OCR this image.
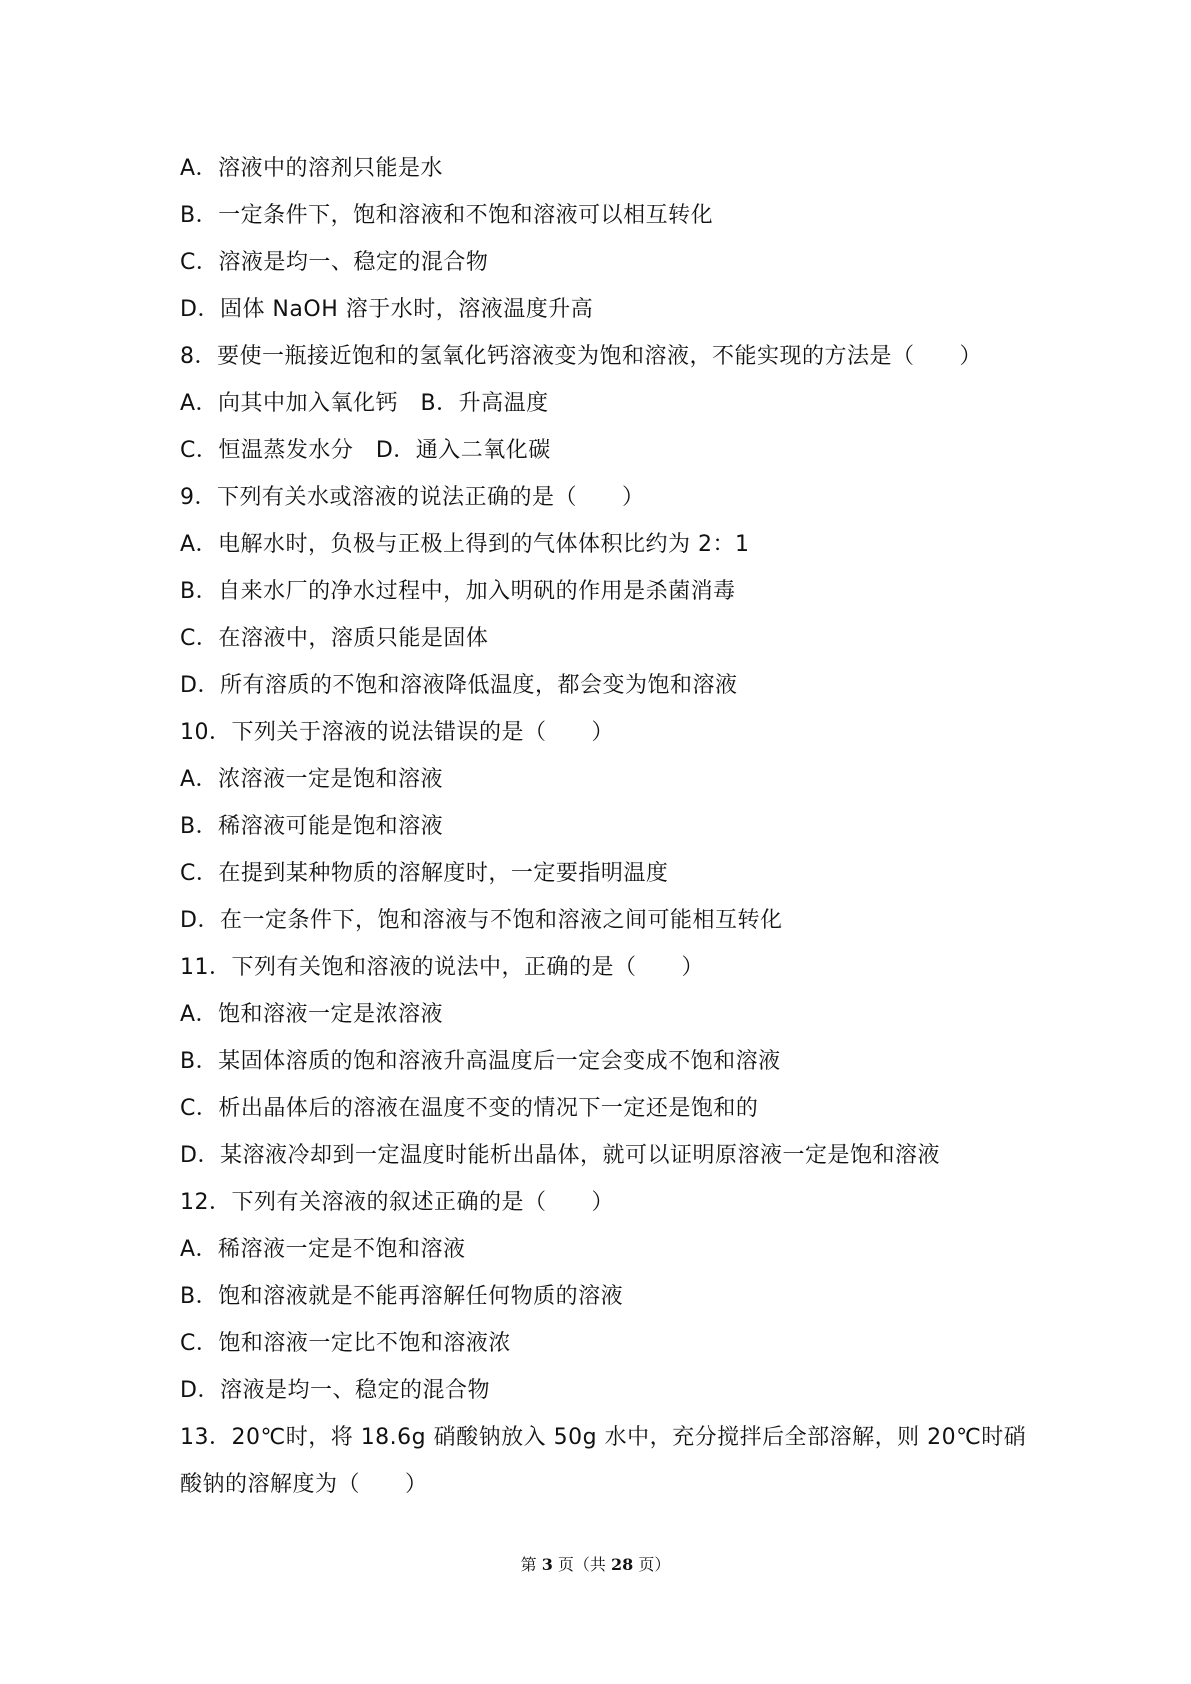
A．溶液中的溶剂只能是水
B．一定条件下，饱和溶液和不饱和溶液可以相互转化
C．溶液是均一、稳定的混合物
D．固体 NaOH 溶于水时，溶液温度升高
8．要使一瓶接近饱和的氢氧化钙溶液变为饱和溶液，不能实现的方法是（　　）
A．向其中加入氧化钙　B．升高温度
C．恒温蒸发水分　D．通入二氧化碳
9．下列有关水或溶液的说法正确的是（　　）
A．电解水时，负极与正极上得到的气体体积比约为 2：1
B．自来水厂的净水过程中，加入明矾的作用是杀菌消毒
C．在溶液中，溶质只能是固体
D．所有溶质的不饱和溶液降低温度，都会变为饱和溶液
10．下列关于溶液的说法错误的是（　　）
A．浓溶液一定是饱和溶液
B．稀溶液可能是饱和溶液
C．在提到某种物质的溶解度时，一定要指明温度
D．在一定条件下，饱和溶液与不饱和溶液之间可能相互转化
11．下列有关饱和溶液的说法中，正确的是（　　）
A．饱和溶液一定是浓溶液
B．某固体溶质的饱和溶液升高温度后一定会变成不饱和溶液
C．析出晶体后的溶液在温度不变的情况下一定还是饱和的
D．某溶液冷却到一定温度时能析出晶体，就可以证明原溶液一定是饱和溶液
12．下列有关溶液的叙述正确的是（　　）
A．稀溶液一定是不饱和溶液
B．饱和溶液就是不能再溶解任何物质的溶液
C．饱和溶液一定比不饱和溶液浓
D．溶液是均一、稳定的混合物
13．20℃时，将 18.6g 硝酸钠放入 50g 水中，充分搅拌后全部溶解，则 20℃时硝
酸钠的溶解度为（　　）
第 3 页（共 28 页）
